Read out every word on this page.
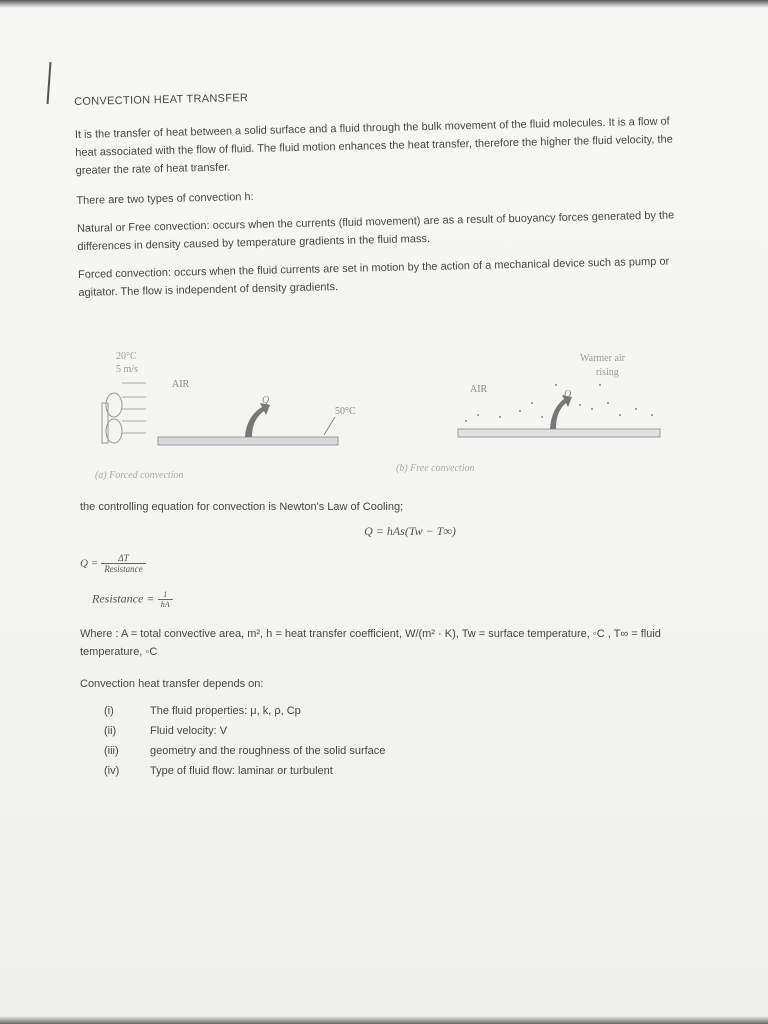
CONVECTION HEAT TRANSFER

It is the transfer of heat between a solid surface and a fluid through the bulk movement of the fluid molecules. It is a flow of heat associated with the flow of fluid. The fluid motion enhances the heat transfer, therefore the higher the fluid velocity, the greater the rate of heat transfer.

There are two types of convection h:

Natural or Free convection: occurs when the currents (fluid movement) are as a result of buoyancy forces generated by the differences in density caused by temperature gradients in the fluid mass.

Forced convection: occurs when the fluid currents are set in motion by the action of a mechanical device such as pump or agitator. The flow is independent of density gradients.

20°C
5 m/s
AIR
Q
50°C
(a) Forced convection
Warmer air
rising
AIR	Q
(b) Free convection

the controlling equation for convection is Newton's Law of Cooling;

Q = hAs(Tw − T∞)
$Q = \frac{\Delta T}{\text{Resistance}}$
Resistance = $\frac{1}{hA}$

Where : A = total convective area, m², h = heat transfer coefficient, W/(m² · K), Tw = surface temperature, ◦C , T∞ = fluid temperature, ◦C

Convection heat transfer depends on:

(i)	The fluid properties: μ, k, ρ, Cp
(ii)	Fluid velocity: V
(iii)	geometry and the roughness of the solid surface
(iv)	Type of fluid flow: laminar or turbulent
